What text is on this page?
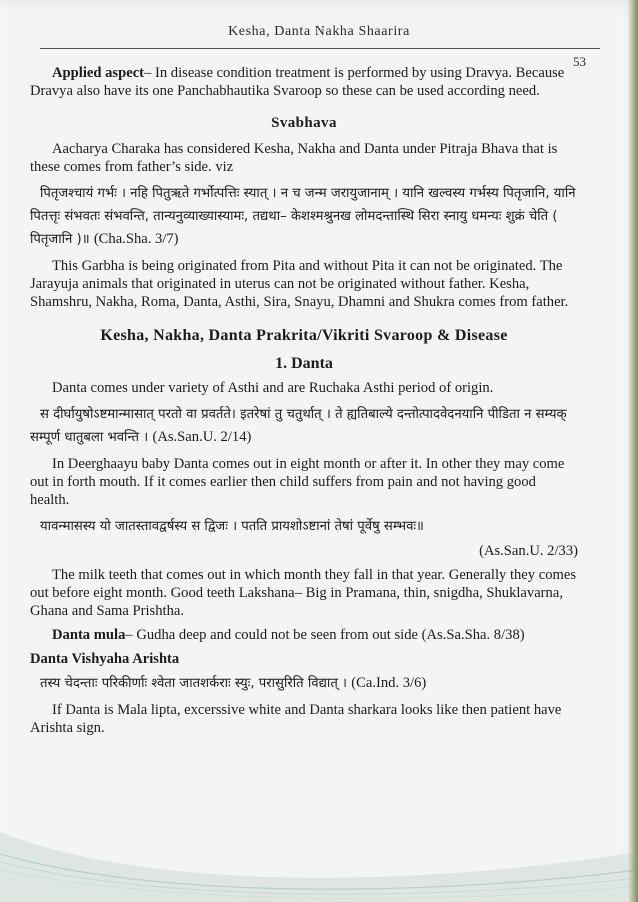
Kesha, Danta Nakha Shaarira
53

Applied aspect– In disease condition treatment is performed by using Dravya. Because Dravya also have its one Panchabhautika Svaroop so these can be used according need.

Svabhava

Aacharya Charaka has considered Kesha, Nakha and Danta under Pitraja Bhava that is these comes from father’s side. viz

पितृजश्चायं गर्भः । नहि पितुऋते गर्भोत्पत्तिः स्यात् । न च जन्म जरायुजानाम् । यानि खल्वस्य गर्भस्य पितृजानि, यानि पितत्तृः संभवतः संभवन्ति, तान्यनुव्याख्यास्यामः, तद्यथा– केशश्मश्रुनख लोमदन्तास्थि सिरा स्नायु धमन्यः शुक्रं चेति ( पितृजानि )॥ (Cha.Sha. 3/7)

This Garbha is being originated from Pita and without Pita it can not be originated. The Jarayuja animals that originated in uterus can not be originated without father. Kesha, Shamshru, Nakha, Roma, Danta, Asthi, Sira, Snayu, Dhamni and Shukra comes from father.

Kesha, Nakha, Danta Prakrita/Vikriti Svaroop & Disease
1. Danta

Danta comes under variety of Asthi and are Ruchaka Asthi period of origin.

स दीर्घायुषोऽष्टमान्मासात् परतो वा प्रवर्तते। इतरेषां तु चतुर्थात् । ते ह्यतिबाल्ये दन्तोत्पादवेदनयानि पीडिता न सम्यक् सम्पूर्ण धातुबला भवन्ति । (As.San.U. 2/14)

In Deerghaayu baby Danta comes out in eight month or after it. In other they may come out in forth mouth. If it comes earlier then child suffers from pain and not having good health.

यावन्मासस्य यो जातस्तावद्वर्षस्य स द्विजः । पतति प्रायशोऽष्टानां तेषां पूर्वेषु सम्भवः॥

(As.San.U. 2/33)

The milk teeth that comes out in which month they fall in that year. Generally they comes out before eight month. Good teeth Lakshana– Big in Pramana, thin, snigdha, Shuklavarna, Ghana and Sama Prishtha.

Danta mula– Gudha deep and could not be seen from out side (As.Sa.Sha. 8/38)

Danta Vishyaha Arishta

तस्य चेदन्ताः परिकीर्णाः श्वेता जातशर्कराः स्युः, परासुरिति विद्यात् । (Ca.Ind. 3/6)

If Danta is Mala lipta, excerssive white and Danta sharkara looks like then patient have Arishta sign.
